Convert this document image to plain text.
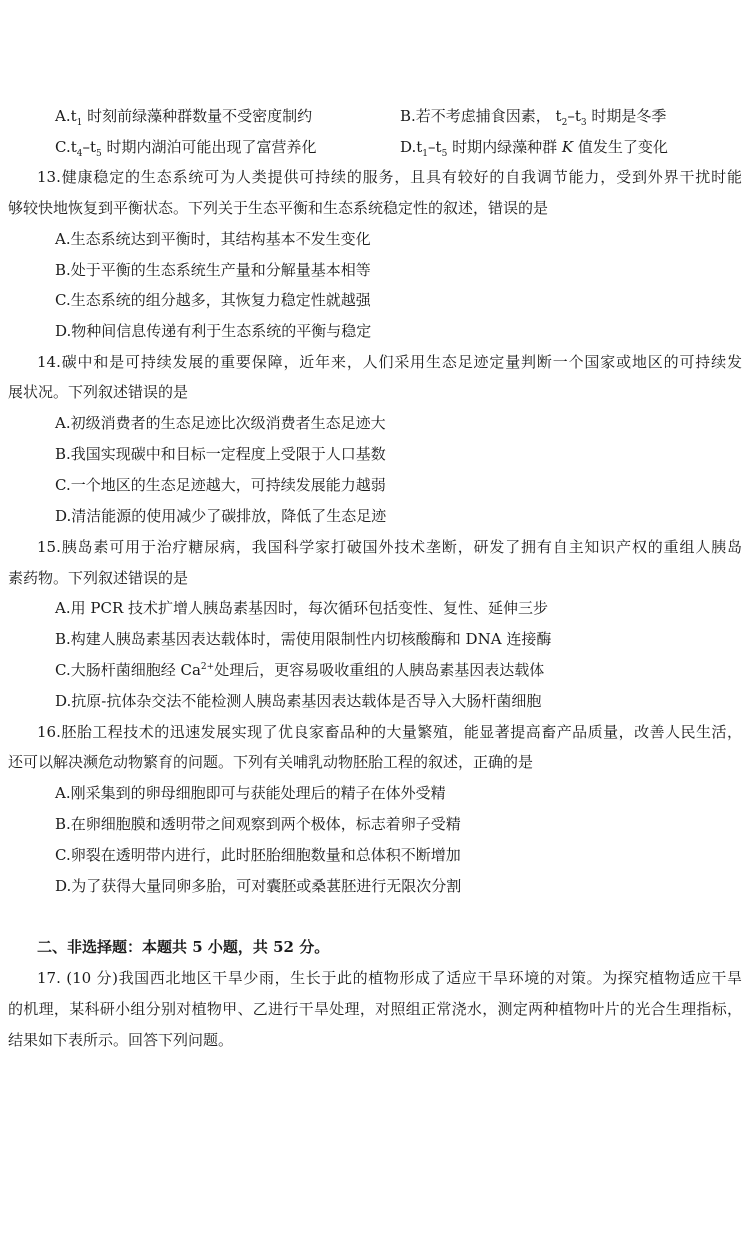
$A.t_1$ 时刻前绿藻种群数量不受密度制约	B.若不考虑捕食因素， $t_2-t_3$ 时期是冬季
$C.t_4-t_5$ 时期内湖泊可能出现了富营养化	$D.t_1-t_5$ 时期内绿藻种群 K 值发生了变化
13.健康稳定的生态系统可为人类提供可持续的服务，且具有较好的自我调节能力，受到外界干扰时能
够较快地恢复到平衡状态。下列关于生态平衡和生态系统稳定性的叙述，错误的是
A.生态系统达到平衡时，其结构基本不发生变化
B.处于平衡的生态系统生产量和分解量基本相等
C.生态系统的组分越多，其恢复力稳定性就越强
D.物种间信息传递有利于生态系统的平衡与稳定
14.碳中和是可持续发展的重要保障，近年来，人们采用生态足迹定量判断一个国家或地区的可持续发
展状况。下列叙述错误的是
A.初级消费者的生态足迹比次级消费者生态足迹大
B.我国实现碳中和目标一定程度上受限于人口基数
C.一个地区的生态足迹越大，可持续发展能力越弱
D.清洁能源的使用减少了碳排放，降低了生态足迹
15.胰岛素可用于治疗糖尿病，我国科学家打破国外技术垄断，研发了拥有自主知识产权的重组人胰岛
素药物。下列叙述错误的是
A.用 PCR 技术扩增人胰岛素基因时，每次循环包括变性、复性、延伸三步
B.构建人胰岛素基因表达载体时，需使用限制性内切核酸酶和 DNA 连接酶
C.大肠杆菌细胞经 $Ca^{2+}$处理后，更容易吸收重组的人胰岛素基因表达载体
D.抗原-抗体杂交法不能检测人胰岛素基因表达载体是否导入大肠杆菌细胞
16.胚胎工程技术的迅速发展实现了优良家畜品种的大量繁殖，能显著提高畜产品质量，改善人民生活，
还可以解决濒危动物繁育的问题。下列有关哺乳动物胚胎工程的叙述，正确的是
A.刚采集到的卵母细胞即可与获能处理后的精子在体外受精
B.在卵细胞膜和透明带之间观察到两个极体，标志着卵子受精
C.卵裂在透明带内进行，此时胚胎细胞数量和总体积不断增加
D.为了获得大量同卵多胎，可对囊胚或桑葚胚进行无限次分割
二、非选择题：本题共 5 小题，共 52 分。
17. (10 分)我国西北地区干旱少雨，生长于此的植物形成了适应干旱环境的对策。为探究植物适应干旱
的机理，某科研小组分别对植物甲、乙进行干旱处理，对照组正常浇水，测定两种植物叶片的光合生理指标，
结果如下表所示。回答下列问题。
